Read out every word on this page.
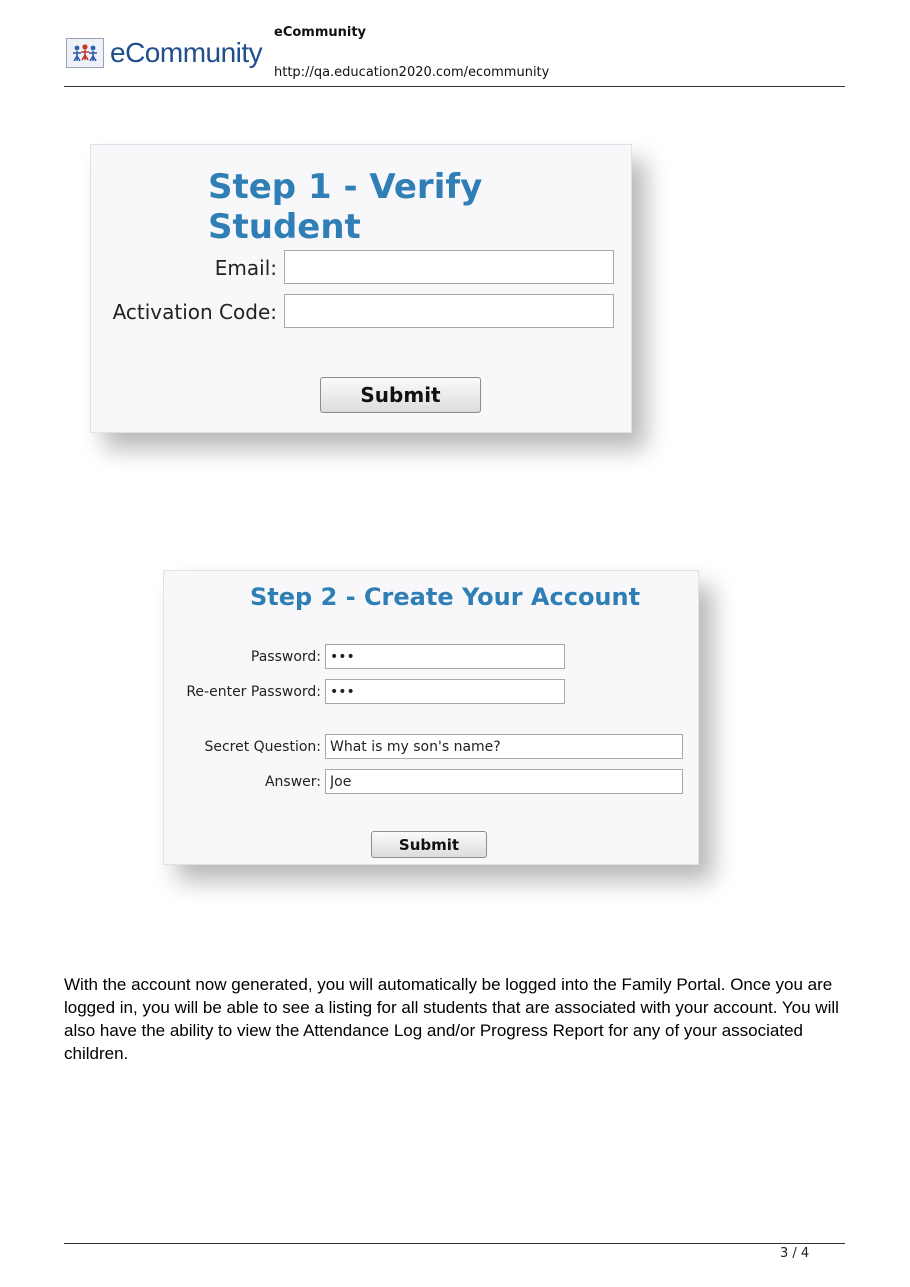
eCommunity
eCommunity
http://qa.education2020.com/ecommunity
Step 1 - Verify Student
Email:
Activation Code:
Submit
Step 2 - Create Your Account
Password:
•••
Re-enter Password:
•••
Secret Question:
What is my son's name?
Answer:
Joe
Submit
With the account now generated, you will automatically be logged into the Family Portal. Once you are logged in, you will be able to see a listing for all students that are associated with your account. You will also have the ability to view the Attendance Log and/or Progress Report for any of your associated children.
3 / 4
